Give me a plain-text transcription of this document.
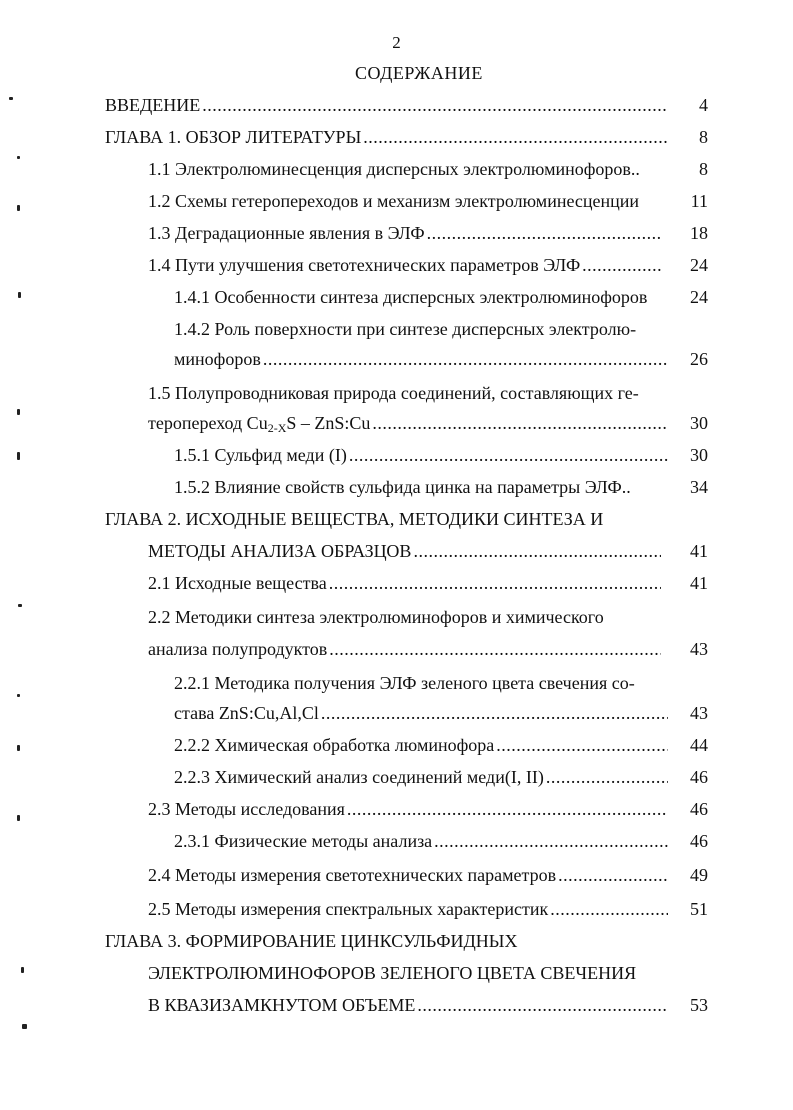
2
СОДЕРЖАНИЕ
ВВЕДЕНИЕ .....	4
ГЛАВА 1. ОБЗОР ЛИТЕРАТУРЫ .....	8
1.1 Электролюминесценция дисперсных электролюминофоров..	8
1.2 Схемы гетеропереходов и механизм электролюминесценции	11
1.3 Деградационные явления в ЭЛФ .....	18
1.4 Пути улучшения светотехнических параметров ЭЛФ .....	24
1.4.1 Особенности синтеза дисперсных электролюминофоров	24
1.4.2 Роль поверхности при синтезе дисперсных электролю-
минофоров .....	26
1.5 Полупроводниковая природа соединений, составляющих ге-
теропереход $Cu_{2-X}S$ – ZnS:Cu .....	30
1.5.1 Сульфид меди (I) .....	30
1.5.2 Влияние свойств сульфида цинка на параметры ЭЛФ..	34
ГЛАВА 2. ИСХОДНЫЕ ВЕЩЕСТВА, МЕТОДИКИ СИНТЕЗА И
МЕТОДЫ АНАЛИЗА ОБРАЗЦОВ .....	41
2.1 Исходные вещества .....	41
2.2 Методики синтеза электролюминофоров и химического
анализа полупродуктов .....	43
2.2.1 Методика получения ЭЛФ зеленого цвета свечения со-
става ZnS:Cu,Al,Cl .....	43
2.2.2 Химическая обработка люминофора .....	44
2.2.3 Химический анализ соединений меди(I, II) .....	46
2.3 Методы исследования .....	46
2.3.1 Физические методы анализа .....	46
2.4 Методы измерения светотехнических параметров .....	49
2.5 Методы измерения спектральных характеристик .....	51
ГЛАВА 3. ФОРМИРОВАНИЕ ЦИНКСУЛЬФИДНЫХ
ЭЛЕКТРОЛЮМИНОФОРОВ ЗЕЛЕНОГО ЦВЕТА СВЕЧЕНИЯ
В КВАЗИЗАМКНУТОМ ОБЪЕМЕ .....	53
